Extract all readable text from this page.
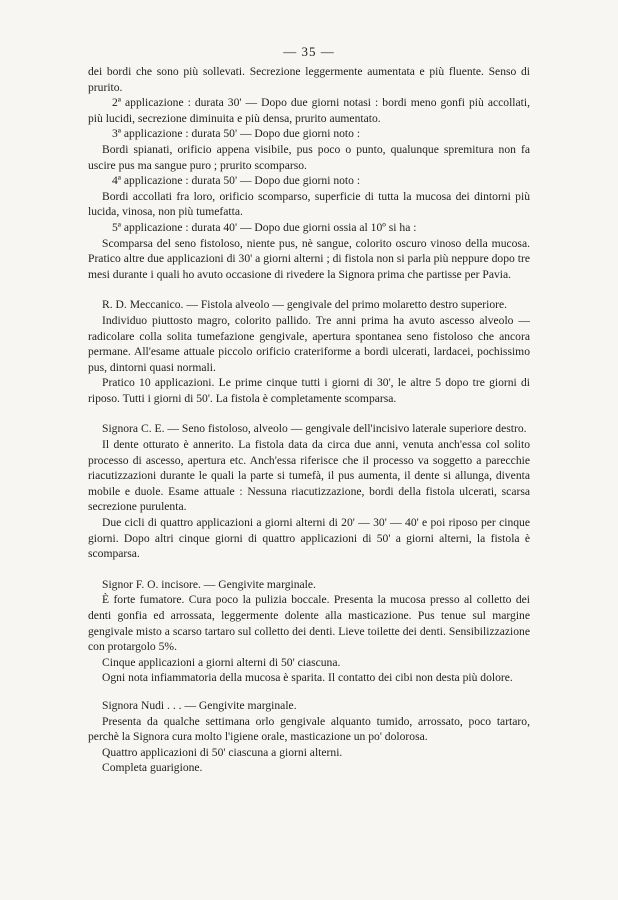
— 35 —

dei bordi che sono più sollevati. Secrezione leggermente aumentata e più fluente. Senso di prurito.

2ª applicazione : durata 30' — Dopo due giorni notasi : bordi meno gonfi più accollati, più lucidi, secrezione diminuita e più densa, prurito aumentato.

3ª applicazione : durata 50' — Dopo due giorni noto :

Bordi spianati, orificio appena visibile, pus poco o punto, qualunque spremitura non fa uscire pus ma sangue puro ; prurito scomparso.

4ª applicazione : durata 50' — Dopo due giorni noto :

Bordi accollati fra loro, orificio scomparso, superficie di tutta la mucosa dei dintorni più lucida, vinosa, non più tumefatta.

5ª applicazione : durata 40' — Dopo due giorni ossia al 10º si ha :

Scomparsa del seno fistoloso, niente pus, nè sangue, colorito oscuro vinoso della mucosa. Pratico altre due applicazioni di 30' a giorni alterni ; di fistola non si parla più neppure dopo tre mesi durante i quali ho avuto occasione di rivedere la Signora prima che partisse per Pavia.

R. D. Meccanico. — Fistola alveolo — gengivale del primo molaretto destro superiore.

Individuo piuttosto magro, colorito pallido. Tre anni prima ha avuto ascesso alveolo — radicolare colla solita tumefazione gengivale, apertura spontanea seno fistoloso che ancora permane. All'esame attuale piccolo orificio crateriforme a bordi ulcerati, lardacei, pochissimo pus, dintorni quasi normali.

Pratico 10 applicazioni. Le prime cinque tutti i giorni di 30', le altre 5 dopo tre giorni di riposo. Tutti i giorni di 50'. La fistola è completamente scomparsa.

Signora C. E. — Seno fistoloso, alveolo — gengivale dell'incisivo laterale superiore destro.

Il dente otturato è annerito. La fistola data da circa due anni, venuta anch'essa col solito processo di ascesso, apertura etc. Anch'essa riferisce che il processo va soggetto a parecchie riacutizzazioni durante le quali la parte si tumefà, il pus aumenta, il dente si allunga, diventa mobile e duole. Esame attuale : Nessuna riacutizzazione, bordi della fistola ulcerati, scarsa secrezione purulenta.

Due cicli di quattro applicazioni a giorni alterni di 20' — 30' — 40' e poi riposo per cinque giorni. Dopo altri cinque giorni di quattro applicazioni di 50' a giorni alterni, la fistola è scomparsa.

Signor F. O. incisore. — Gengivite marginale.

È forte fumatore. Cura poco la pulizia boccale. Presenta la mucosa presso al colletto dei denti gonfia ed arrossata, leggermente dolente alla masticazione. Pus tenue sul margine gengivale misto a scarso tartaro sul colletto dei denti. Lieve toilette dei denti. Sensibilizzazione con protargolo 5%.

Cinque applicazioni a giorni alterni di 50' ciascuna.

Ogni nota infiammatoria della mucosa è sparita. Il contatto dei cibi non desta più dolore.

Signora Nudi . . . — Gengivite marginale.

Presenta da qualche settimana orlo gengivale alquanto tumido, arrossato, poco tartaro, perchè la Signora cura molto l'igiene orale, masticazione un po' dolorosa.

Quattro applicazioni di 50' ciascuna a giorni alterni.

Completa guarigione.
